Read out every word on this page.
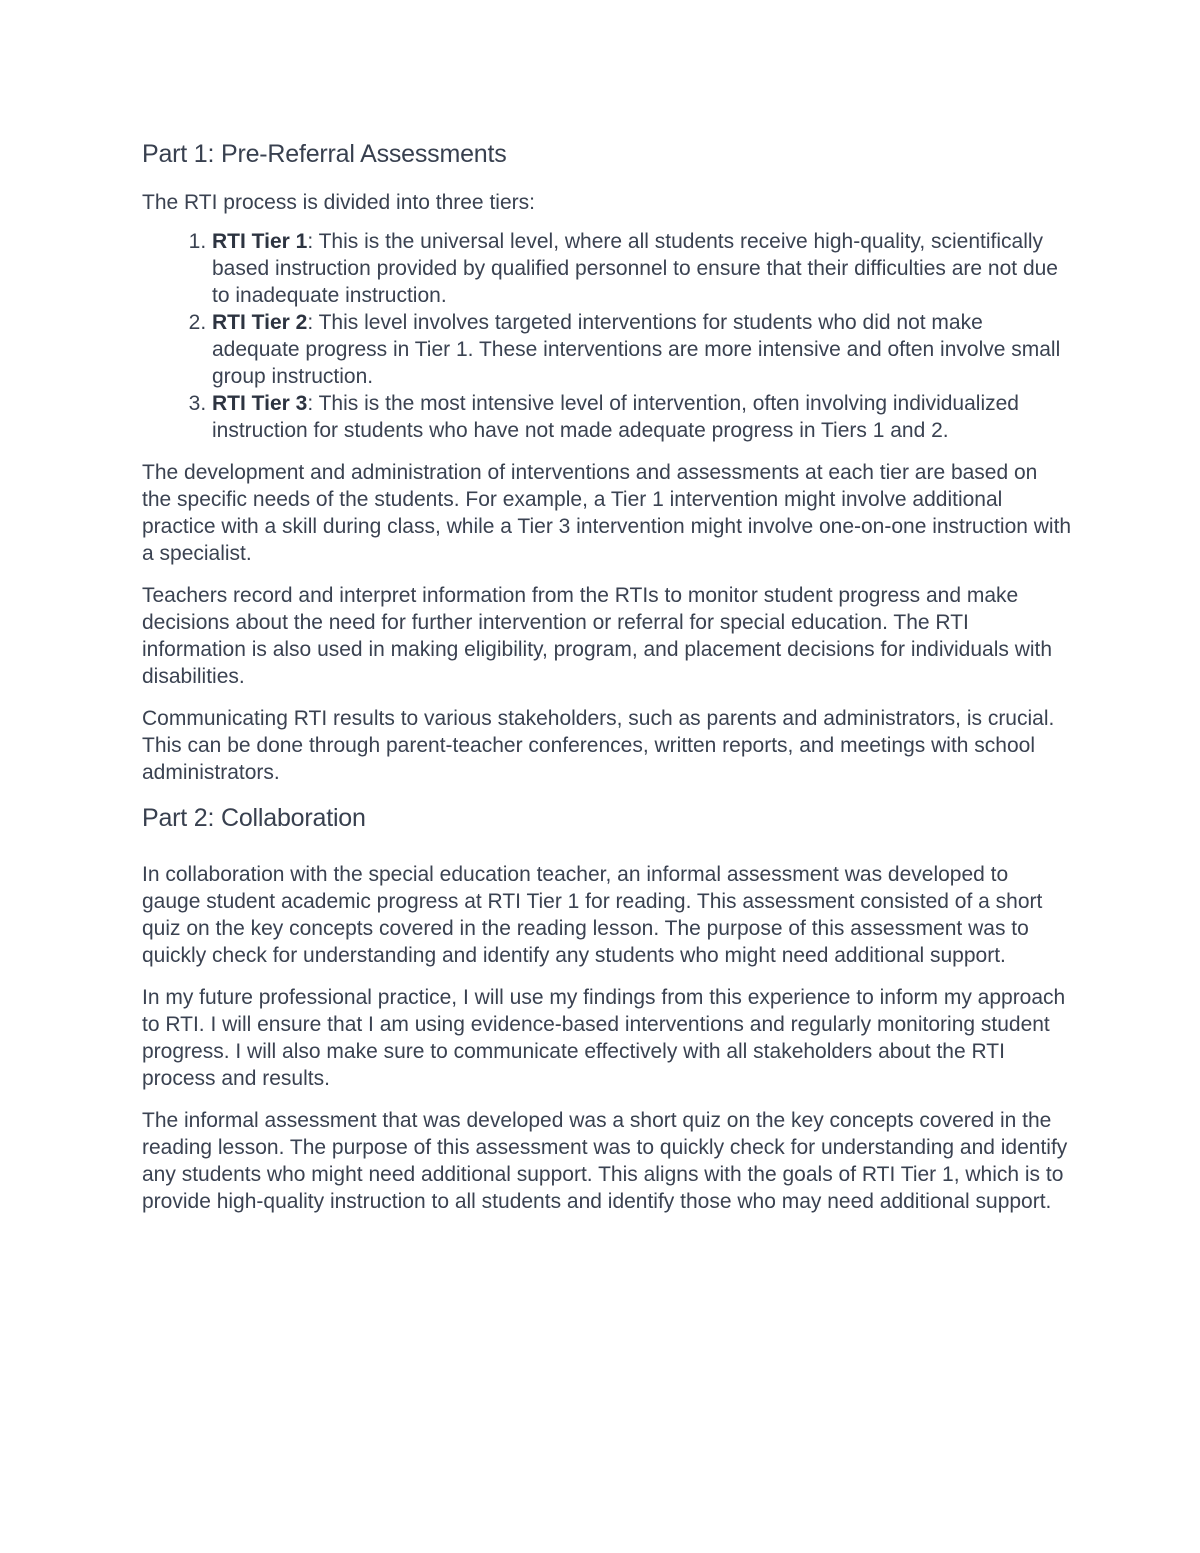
Part 1: Pre-Referral Assessments

The RTI process is divided into three tiers:

1. RTI Tier 1: This is the universal level, where all students receive high-quality, scientifically based instruction provided by qualified personnel to ensure that their difficulties are not due to inadequate instruction.
2. RTI Tier 2: This level involves targeted interventions for students who did not make adequate progress in Tier 1. These interventions are more intensive and often involve small group instruction.
3. RTI Tier 3: This is the most intensive level of intervention, often involving individualized instruction for students who have not made adequate progress in Tiers 1 and 2.

The development and administration of interventions and assessments at each tier are based on the specific needs of the students. For example, a Tier 1 intervention might involve additional practice with a skill during class, while a Tier 3 intervention might involve one-on-one instruction with a specialist.

Teachers record and interpret information from the RTIs to monitor student progress and make decisions about the need for further intervention or referral for special education. The RTI information is also used in making eligibility, program, and placement decisions for individuals with disabilities.

Communicating RTI results to various stakeholders, such as parents and administrators, is crucial. This can be done through parent-teacher conferences, written reports, and meetings with school administrators.

Part 2: Collaboration

In collaboration with the special education teacher, an informal assessment was developed to gauge student academic progress at RTI Tier 1 for reading. This assessment consisted of a short quiz on the key concepts covered in the reading lesson. The purpose of this assessment was to quickly check for understanding and identify any students who might need additional support.

In my future professional practice, I will use my findings from this experience to inform my approach to RTI. I will ensure that I am using evidence-based interventions and regularly monitoring student progress. I will also make sure to communicate effectively with all stakeholders about the RTI process and results.

The informal assessment that was developed was a short quiz on the key concepts covered in the reading lesson. The purpose of this assessment was to quickly check for understanding and identify any students who might need additional support. This aligns with the goals of RTI Tier 1, which is to provide high-quality instruction to all students and identify those who may need additional support.
